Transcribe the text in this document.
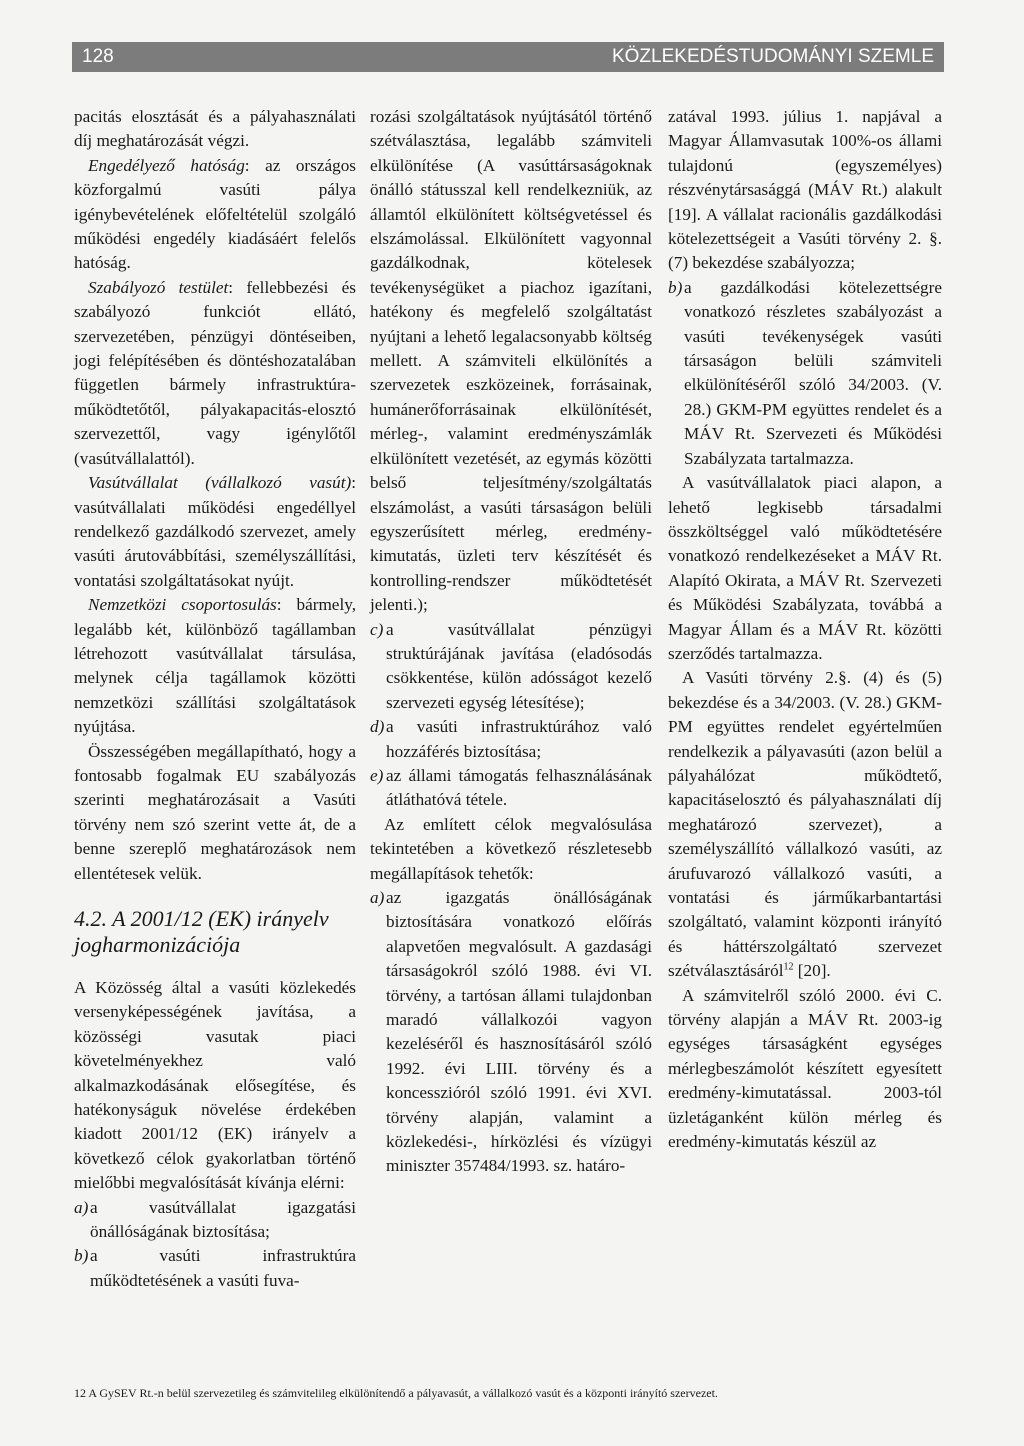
128	KÖZLEKEDÉSTUDOMÁNYI SZEMLE

pacitás elosztását és a pályahasználati díj meghatározását végzi.

Engedélyező hatóság: az országos közforgalmú vasúti pálya igénybevételének előfeltételül szolgáló működési engedély kiadásáért felelős hatóság.

Szabályozó testület: fellebbezési és szabályozó funkciót ellátó, szervezetében, pénzügyi döntéseiben, jogi felépítésében és döntéshozatalában független bármely infrastruktúra-működtetőtől, pályakapacitás-elosztó szervezettől, vagy igénylőtől (vasútvállalattól).

Vasútvállalat (vállalkozó vasút): vasútvállalati működési engedéllyel rendelkező gazdálkodó szervezet, amely vasúti árutovábbítási, személyszállítási, vontatási szolgáltatásokat nyújt.

Nemzetközi csoportosulás: bármely, legalább két, különböző tagállamban létrehozott vasútvállalat társulása, melynek célja tagállamok közötti nemzetközi szállítási szolgáltatások nyújtása.

Összességében megállapítható, hogy a fontosabb fogalmak EU szabályozás szerinti meghatározásait a Vasúti törvény nem szó szerint vette át, de a benne szereplő meghatározások nem ellentétesek velük.

4.2. A 2001/12 (EK) irányelv jogharmonizációja

A Közösség által a vasúti közlekedés versenyképességének javítása, a közösségi vasutak piaci követelményekhez való alkalmazkodásának elősegítése, és hatékonyságuk növelése érdekében kiadott 2001/12 (EK) irányelv a következő célok gyakorlatban történő mielőbbi megvalósítását kívánja elérni:

a) a vasútvállalat igazgatási önállóságának biztosítása;
b) a vasúti infrastruktúra működtetésének a vasúti fuva-

rozási szolgáltatások nyújtásától történő szétválasztása, legalább számviteli elkülönítése (A vasúttársaságoknak önálló státusszal kell rendelkezniük, az államtól elkülönített költségvetéssel és elszámolással. Elkülönített vagyonnal gazdálkodnak, kötelesek tevékenységüket a piachoz igazítani, hatékony és megfelelő szolgáltatást nyújtani a lehető legalacsonyabb költség mellett. A számviteli elkülönítés a szervezetek eszközeinek, forrásainak, humánerőforrásainak elkülönítését, mérleg-, valamint eredményszámlák elkülönített vezetését, az egymás közötti belső teljesítmény/szolgáltatás elszámolást, a vasúti társaságon belüli egyszerűsített mérleg, eredmény-kimutatás, üzleti terv készítését és kontrolling-rendszer működtetését jelenti.);

c) a vasútvállalat pénzügyi struktúrájának javítása (eladósodás csökkentése, külön adósságot kezelő szervezeti egység létesítése);
d) a vasúti infrastruktúrához való hozzáférés biztosítása;
e) az állami támogatás felhasználásának átláthatóvá tétele.

Az említett célok megvalósulása tekintetében a következő részletesebb megállapítások tehetők:

a) az igazgatás önállóságának biztosítására vonatkozó előírás alapvetően megvalósult. A gazdasági társaságokról szóló 1988. évi VI. törvény, a tartósan állami tulajdonban maradó vállalkozói vagyon kezeléséről és hasznosításáról szóló 1992. évi LIII. törvény és a koncesszióról szóló 1991. évi XVI. törvény alapján, valamint a közlekedési-, hírközlési és vízügyi miniszter 357484/1993. sz. határo-

zatával 1993. július 1. napjával a Magyar Államvasutak 100%-os állami tulajdonú (egyszemélyes) részvénytársasággá (MÁV Rt.) alakult [19]. A vállalat racionális gazdálkodási kötelezettségeit a Vasúti törvény 2. §. (7) bekezdése szabályozza;

b) a gazdálkodási kötelezettségre vonatkozó részletes szabályozást a vasúti tevékenységek vasúti társaságon belüli számviteli elkülönítéséről szóló 34/2003. (V. 28.) GKM-PM együttes rendelet és a MÁV Rt. Szervezeti és Működési Szabályzata tartalmazza.

A vasútvállalatok piaci alapon, a lehető legkisebb társadalmi összköltséggel való működtetésére vonatkozó rendelkezéseket a MÁV Rt. Alapító Okirata, a MÁV Rt. Szervezeti és Működési Szabályzata, továbbá a Magyar Állam és a MÁV Rt. közötti szerződés tartalmazza.

A Vasúti törvény 2.§. (4) és (5) bekezdése és a 34/2003. (V. 28.) GKM-PM együttes rendelet egyértelműen rendelkezik a pályavasúti (azon belül a pályahálózat működtető, kapacitáselosztó és pályahasználati díj meghatározó szervezet), a személyszállító vállalkozó vasúti, az árufuvarozó vállalkozó vasúti, a vontatási és járműkarbantartási szolgáltató, valamint központi irányító és háttérszolgáltató szervezet szétválasztásáról$^{12}$ [20].

A számvitelről szóló 2000. évi C. törvény alapján a MÁV Rt. 2003-ig egységes társaságként egységes mérlegbeszámolót készített egyesített eredmény-kimutatással. 2003-tól üzletáganként külön mérleg és eredmény-kimutatás készül az

12 A GySEV Rt.-n belül szervezetileg és számvitelileg elkülönítendő a pályavasút, a vállalkozó vasút és a központi irányító szervezet.
